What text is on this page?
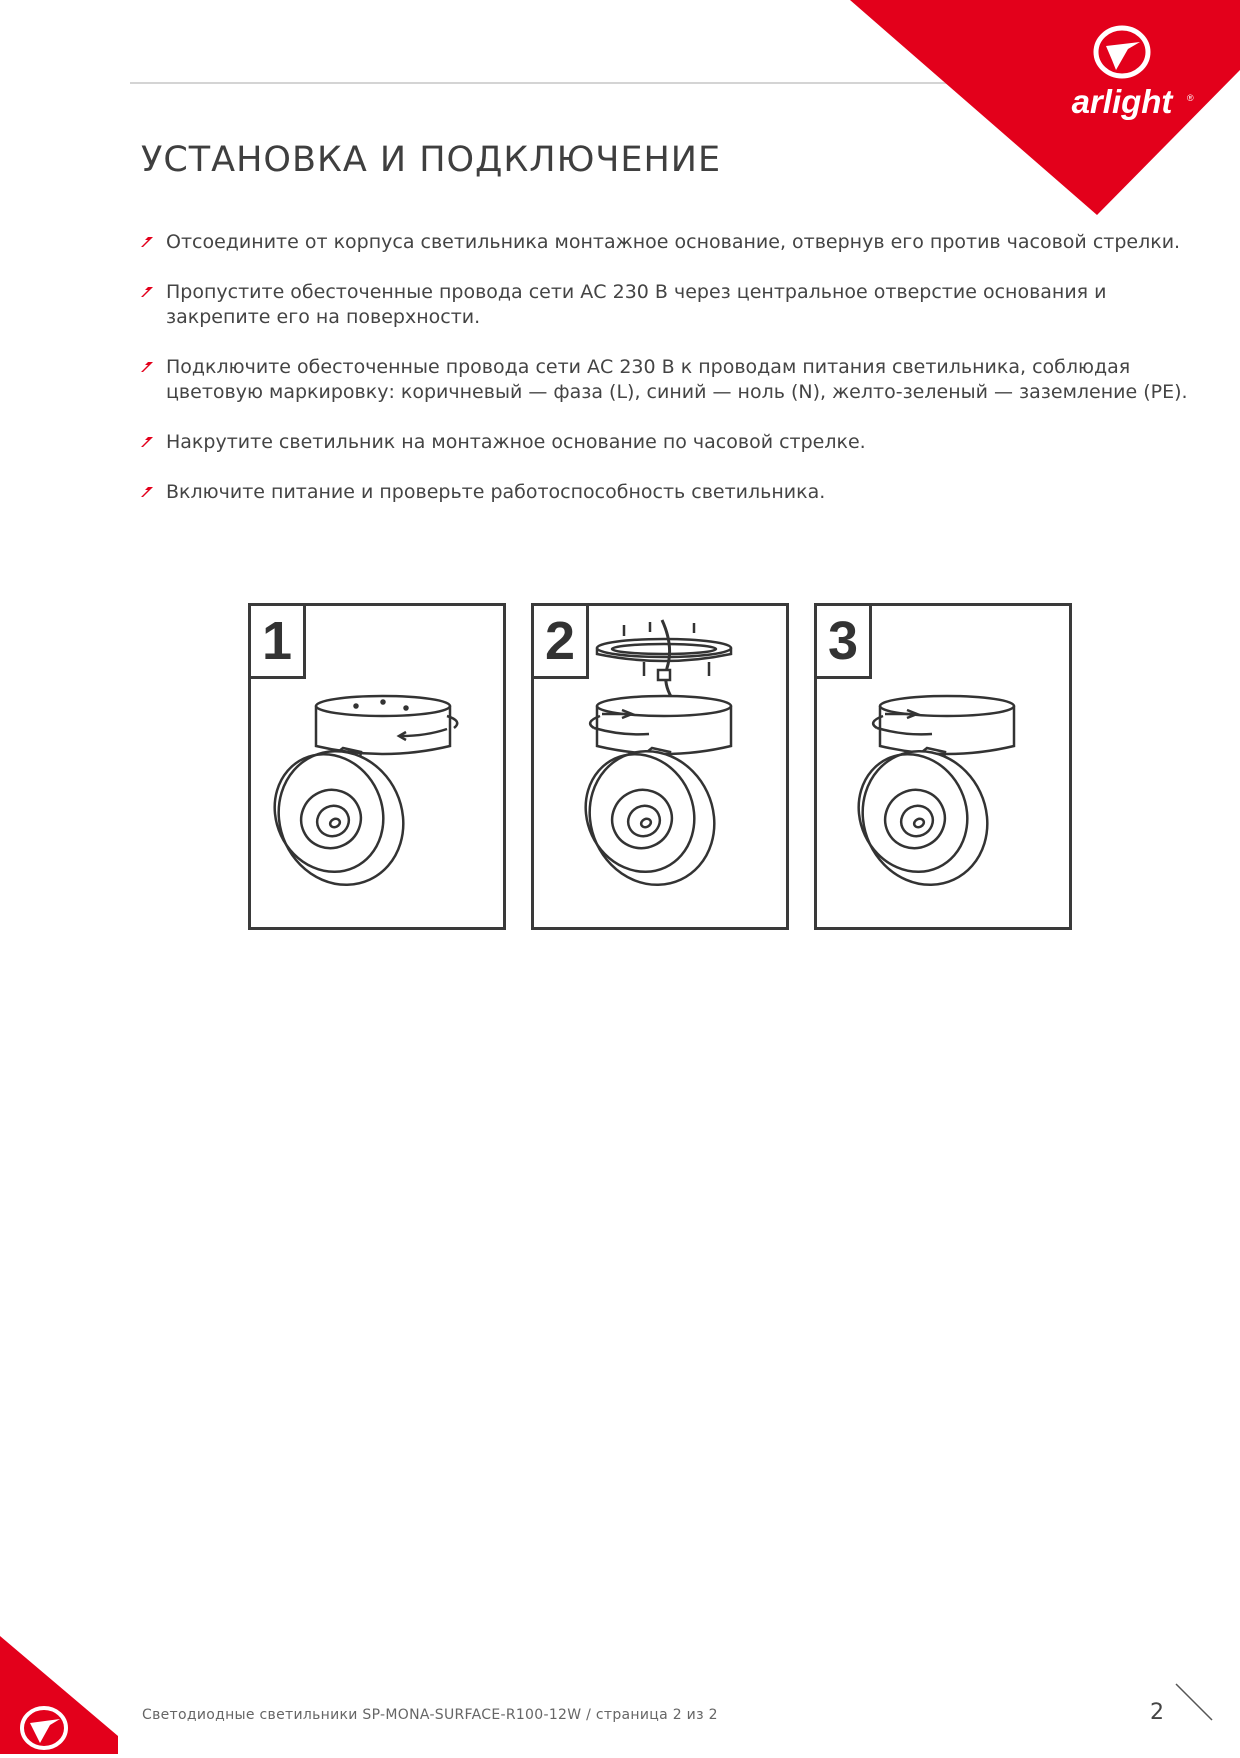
arlight ®
УСТАНОВКА И ПОДКЛЮЧЕНИЕ
Отсоедините от корпуса светильника монтажное основание, отвернув его против часовой стрелки.
Пропустите обесточенные провода сети АС 230 В через центральное отверстие основания и закрепите его на поверхности.
Подключите обесточенные провода сети АС 230 В к проводам питания светильника, соблюдая цветовую маркировку: коричневый — фаза (L), синий — ноль (N), желто-зеленый — заземление (PE).
Накрутите светильник на монтажное основание по часовой стрелке.
Включите питание и проверьте работоспособность светильника.
1	2	3
Светодиодные светильники SP-MONA-SURFACE-R100-12W / страница 2 из 2	2
